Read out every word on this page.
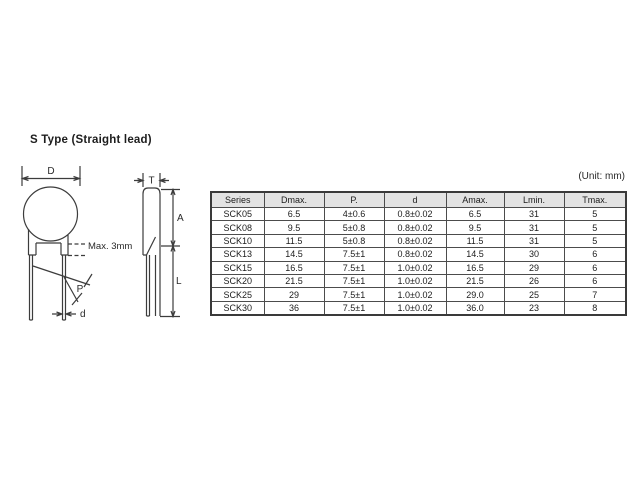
S Type (Straight lead)
(Unit: mm)
D
Max. 3mm
P
d
T
A
L
Series	Dmax.	P.	d	Amax.	Lmin.	Tmax.
SCK05	6.5	4±0.6	0.8±0.02	6.5	31	5
SCK08	9.5	5±0.8	0.8±0.02	9.5	31	5
SCK10	11.5	5±0.8	0.8±0.02	11.5	31	5
SCK13	14.5	7.5±1	0.8±0.02	14.5	30	6
SCK15	16.5	7.5±1	1.0±0.02	16.5	29	6
SCK20	21.5	7.5±1	1.0±0.02	21.5	26	6
SCK25	29	7.5±1	1.0±0.02	29.0	25	7
SCK30	36	7.5±1	1.0±0.02	36.0	23	8
